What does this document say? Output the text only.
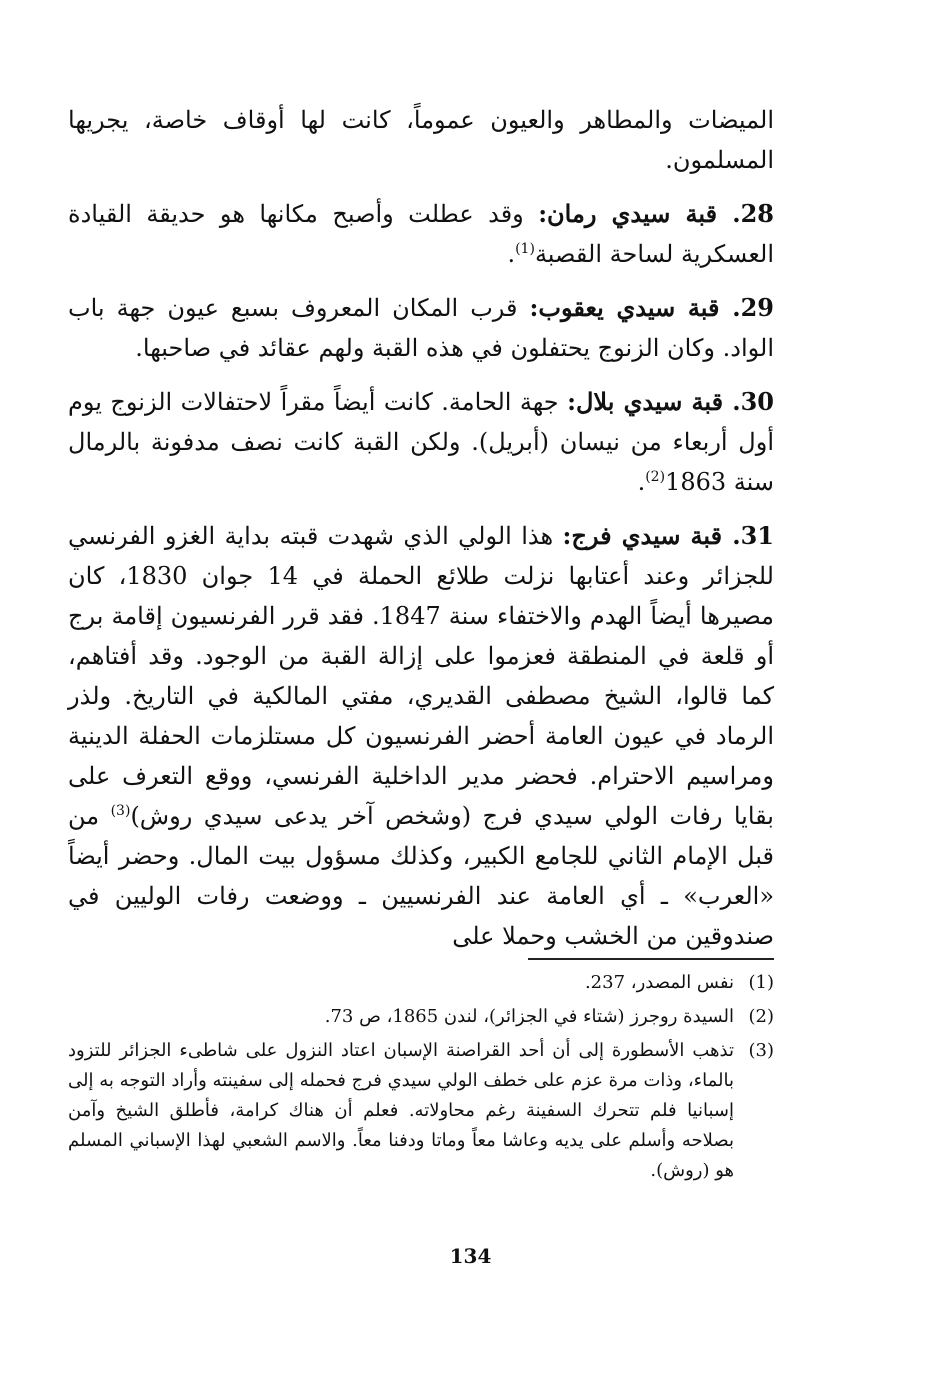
الميضات والمطاهر والعيون عموماً، كانت لها أوقاف خاصة، يجريها المسلمون.

28. قبة سيدي رمان: وقد عطلت وأصبح مكانها هو حديقة القيادة العسكرية لساحة القصبة$^{(1)}$.

29. قبة سيدي يعقوب: قرب المكان المعروف بسبع عيون جهة باب الواد. وكان الزنوج يحتفلون في هذه القبة ولهم عقائد في صاحبها.

30. قبة سيدي بلال: جهة الحامة. كانت أيضاً مقراً لاحتفالات الزنوج يوم أول أربعاء من نيسان (أبريل). ولكن القبة كانت نصف مدفونة بالرمال سنة 1863$^{(2)}$.

31. قبة سيدي فرج: هذا الولي الذي شهدت قبته بداية الغزو الفرنسي للجزائر وعند أعتابها نزلت طلائع الحملة في 14 جوان 1830، كان مصيرها أيضاً الهدم والاختفاء سنة 1847. فقد قرر الفرنسيون إقامة برج أو قلعة في المنطقة فعزموا على إزالة القبة من الوجود. وقد أفتاهم، كما قالوا، الشيخ مصطفى القديري، مفتي المالكية في التاريخ. ولذر الرماد في عيون العامة أحضر الفرنسيون كل مستلزمات الحفلة الدينية ومراسيم الاحترام. فحضر مدير الداخلية الفرنسي، ووقع التعرف على بقايا رفات الولي سيدي فرج (وشخص آخر يدعى سيدي روش)$^{(3)}$ من قبل الإمام الثاني للجامع الكبير، وكذلك مسؤول بيت المال. وحضر أيضاً «العرب» ـ أي العامة عند الفرنسيين ـ ووضعت رفات الوليين في صندوقين من الخشب وحملا على

(1)
نفس المصدر، 237.
(2)
السيدة روجرز (شتاء في الجزائر)، لندن 1865، ص 73.
(3)
تذهب الأسطورة إلى أن أحد القراصنة الإسبان اعتاد النزول على شاطىء الجزائر للتزود بالماء، وذات مرة عزم على خطف الولي سيدي فرج فحمله إلى سفينته وأراد التوجه به إلى إسبانيا فلم تتحرك السفينة رغم محاولاته. فعلم أن هناك كرامة، فأطلق الشيخ وآمن بصلاحه وأسلم على يديه وعاشا معاً وماتا ودفنا معاً. والاسم الشعبي لهذا الإسباني المسلم هو (روش).
134
